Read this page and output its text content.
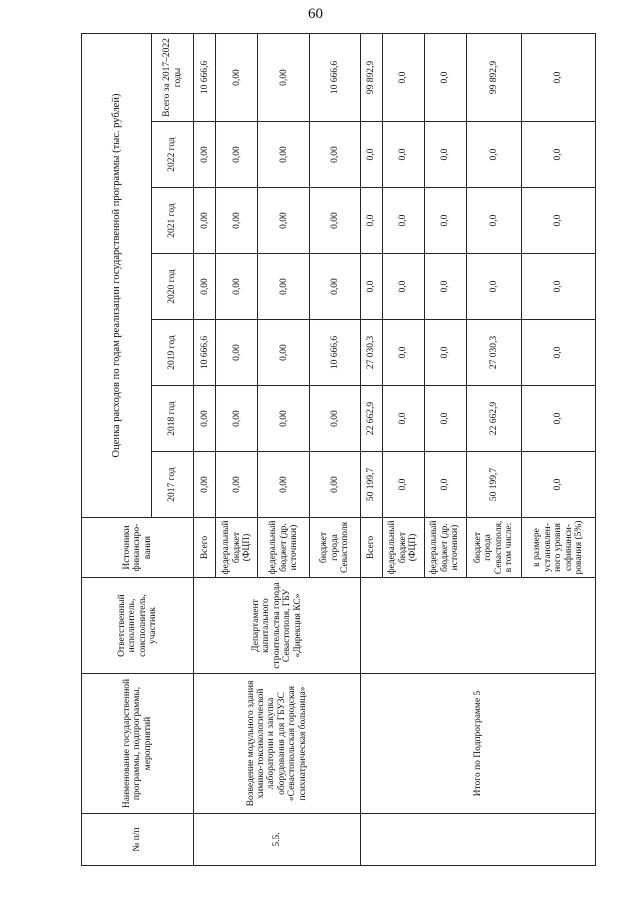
60
№ п/п	Наименование государственной программы, подпрограммы, мероприятий	Ответственный исполнитель, соисполнитель, участник	Источники финансиро-вания	Оценка расходов по годам реализации государственной программы (тыс. рублей)						
				2017 год	2018 год	2019 год	2020 год	2021 год	2022 год	Всего за 2017–2022 годы
5.5.	Возведение модульного здания химико-токсикологической лаборатории и закупка оборудования для ГБУЗС «Севастопольская городская психиатрическая больница»	Департамент капитального строительства города Севастополя, ГБУ «Дирекция КС»	Всего	0,00	0,00	10 666,6	0,00	0,00	0,00	10 666,6
			федеральный бюджет (ФЦП)	0,00	0,00	0,00	0,00	0,00	0,00	0,00
			федеральный бюджет (др. источники)	0,00	0,00	0,00	0,00	0,00	0,00	0,00
			бюджет города Севастополя	0,00	0,00	10 666,6	0,00	0,00	0,00	10 666,6
	Итого по Подпрограмме 5		Всего	50 199,7	22 662,9	27 030,3	0,0	0,0	0,0	99 892,9
			федеральный бюджет (ФЦП)	0,0	0,0	0,0	0,0	0,0	0,0	0,0
			федеральный бюджет (др. источники)	0,0	0,0	0,0	0,0	0,0	0,0	0,0
			бюджет города Севастополя, в том числе:	50 199,7	22 662,9	27 030,3	0,0	0,0	0,0	99 892,9
			в размере установлен-ного уровня софинанси-рования (5%)	0,0	0,0	0,0	0,0	0,0	0,0	0,0
